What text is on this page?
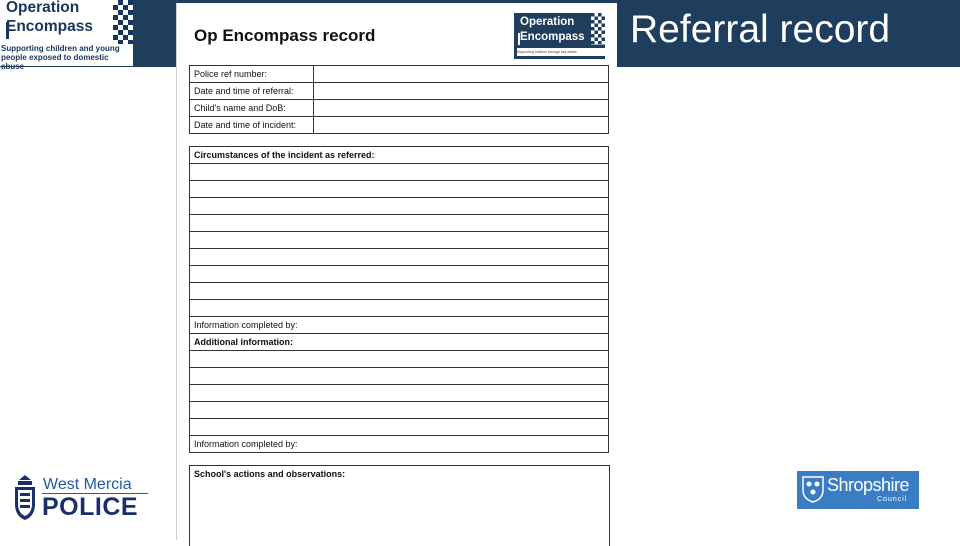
Operation
Encompass
Supporting children and young people exposed to domestic abuse
Referral record
Op Encompass record
Operation
Encompass
Supporting children through key adults
Police ref number:	
Date and time of referral:	
Child's name and DoB:	
Date and time of incident:	
Circumstances of the incident as referred:

Information completed by:
Additional information:

Information completed by:
School's actions and observations:
West Mercia
POLICE
Shropshire
Council
